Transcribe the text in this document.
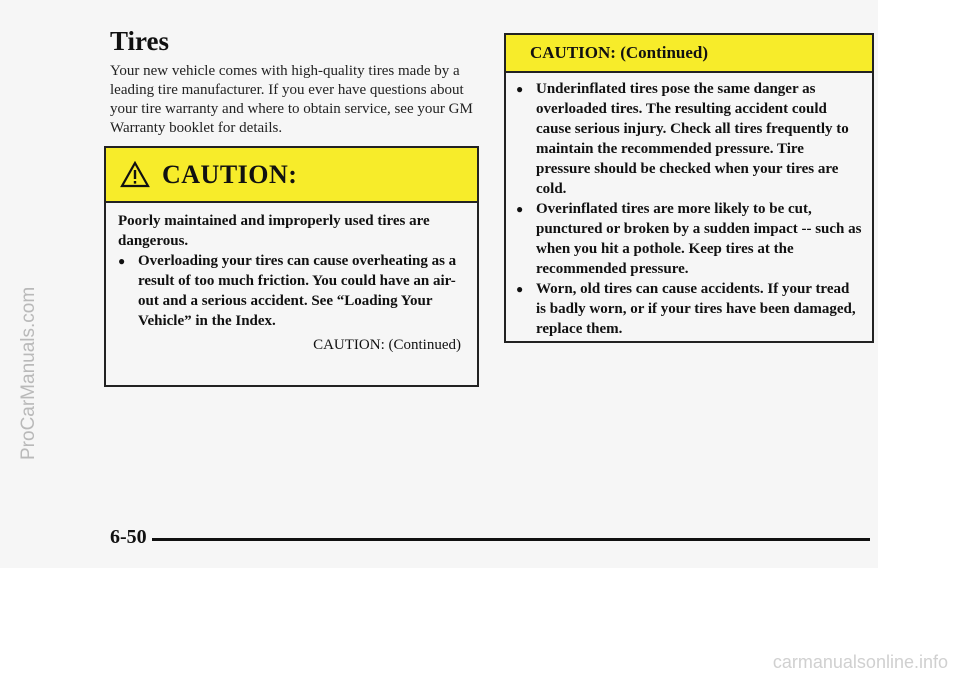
Tires
Your new vehicle comes with high-quality tires made by a leading tire manufacturer. If you ever have questions about your tire warranty and where to obtain service, see your GM Warranty booklet for details.
CAUTION:
Poorly maintained and improperly used tires are dangerous.
● Overloading your tires can cause overheating as a result of too much friction. You could have an air-out and a serious accident. See “Loading Your Vehicle” in the Index.
CAUTION: (Continued)
CAUTION: (Continued)
● Underinflated tires pose the same danger as overloaded tires. The resulting accident could cause serious injury. Check all tires frequently to maintain the recommended pressure. Tire pressure should be checked when your tires are cold.
● Overinflated tires are more likely to be cut, punctured or broken by a sudden impact -- such as when you hit a pothole. Keep tires at the recommended pressure.
● Worn, old tires can cause accidents. If your tread is badly worn, or if your tires have been damaged, replace them.
6-50
ProCarManuals.com
carmanualsonline.info
